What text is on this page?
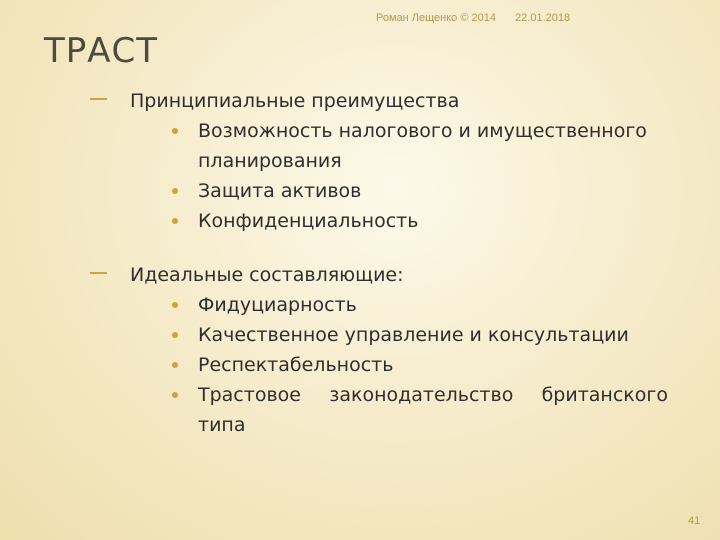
Роман Лещенко © 2014 22.01.2018
ТРАСТ
Принципиальные преимущества
Возможность налогового и имущественного планирования
Защита активов
Конфиденциальность
Идеальные составляющие:
Фидуциарность
Качественное управление и консультации
Респектабельность
Трастовое законодательство британского типа
41
